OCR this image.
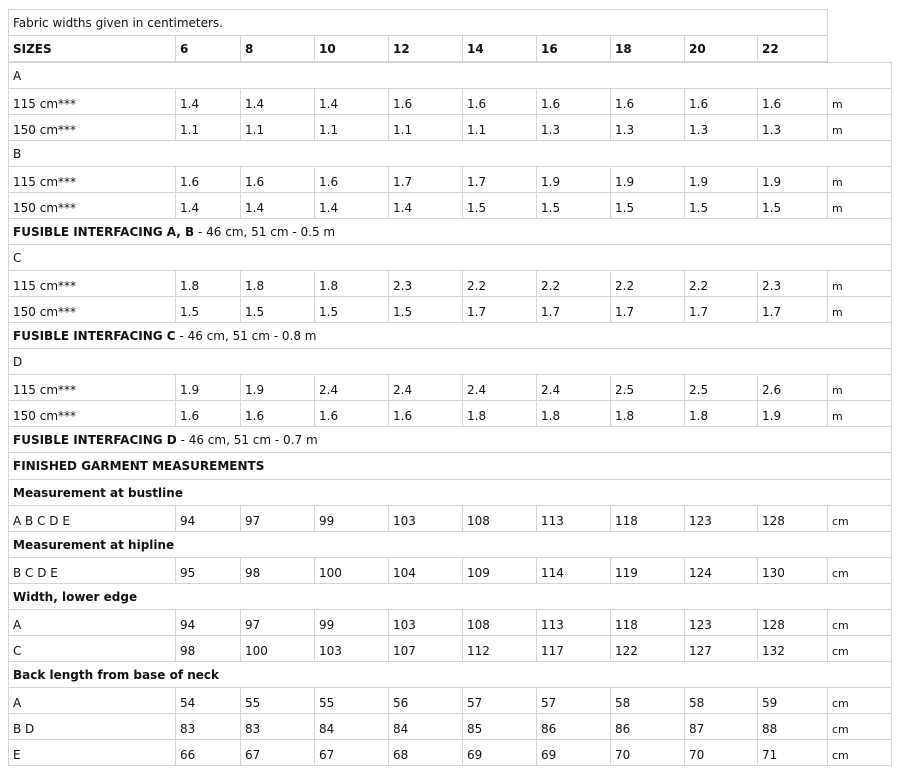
Fabric widths given in centimeters.
SIZES	6	8	10	12	14	16	18	20	22
A										
115 cm***	1.4	1.4	1.4	1.6	1.6	1.6	1.6	1.6	1.6	m
150 cm***	1.1	1.1	1.1	1.1	1.1	1.3	1.3	1.3	1.3	m
B										
115 cm***	1.6	1.6	1.6	1.7	1.7	1.9	1.9	1.9	1.9	m
150 cm***	1.4	1.4	1.4	1.4	1.5	1.5	1.5	1.5	1.5	m
FUSIBLE INTERFACING A, B - 46 cm, 51 cm - 0.5 m										
C										
115 cm***	1.8	1.8	1.8	2.3	2.2	2.2	2.2	2.2	2.3	m
150 cm***	1.5	1.5	1.5	1.5	1.7	1.7	1.7	1.7	1.7	m
FUSIBLE INTERFACING C - 46 cm, 51 cm - 0.8 m										
D										
115 cm***	1.9	1.9	2.4	2.4	2.4	2.4	2.5	2.5	2.6	m
150 cm***	1.6	1.6	1.6	1.6	1.8	1.8	1.8	1.8	1.9	m
FUSIBLE INTERFACING D - 46 cm, 51 cm - 0.7 m										
FINISHED GARMENT MEASUREMENTS										
Measurement at bustline										
A B C D E	94	97	99	103	108	113	118	123	128	cm
Measurement at hipline										
B C D E	95	98	100	104	109	114	119	124	130	cm
Width, lower edge										
A	94	97	99	103	108	113	118	123	128	cm
C	98	100	103	107	112	117	122	127	132	cm
Back length from base of neck										
A	54	55	55	56	57	57	58	58	59	cm
B D	83	83	84	84	85	86	86	87	88	cm
E	66	67	67	68	69	69	70	70	71	cm
